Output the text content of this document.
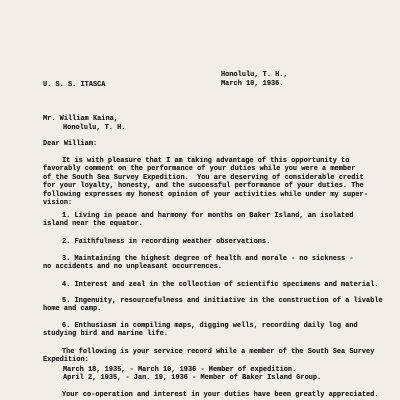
Honolulu, T. H.,
March 10, 1936.
U. S. S. ITASCA
Mr. William Kaina,
Honolulu, T. H.
Dear William:
It is with pleasure that I am taking advantage of this opportunity to
favorably comment on the performance of your duties while you were a member
of the South Sea Survey Expedition.  You are deserving of considerable credit
for your loyalty, honesty, and the successful performance of your duties. The
following expresses my honest opinion of your activities while under my super-
vision:
1. Living in peace and harmony for months on Baker Island, an isolated
island near the equator.
2. Faithfulness in recording weather observations.
3. Maintaining the highest degree of health and morale - no sickness -
no accidents and no unpleasant occurrences.
4. Interest and zeal in the collection of scientific specimens and material.
5. Ingenuity, resourcefulness and initiative in the construction of a livable
home and camp.
6. Enthusiasm in compiling maps, digging wells, recording daily log and
studying bird and marine life.
The following is your service record while a member of the South Sea Survey
Expedition:
March 18, 1935, - March 10, 1936 - Member of expedition.
April 2, 1935, - Jan. 19, 1936 - Member of Baker Island Group.
Your co-operation and interest in your duties have been greatly appreciated.
